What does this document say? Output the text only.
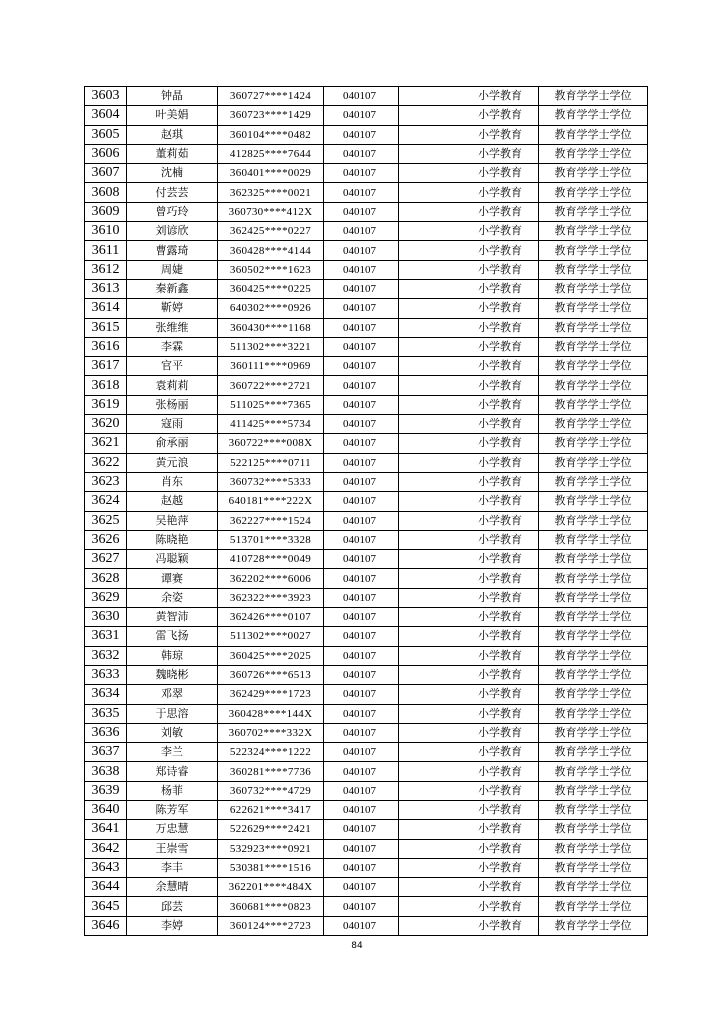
3603	钟晶	360727****1424	040107	小学教育	教育学学士学位
3604	叶美娟	360723****1429	040107	小学教育	教育学学士学位
3605	赵琪	360104****0482	040107	小学教育	教育学学士学位
3606	董莉茹	412825****7644	040107	小学教育	教育学学士学位
3607	沈楠	360401****0029	040107	小学教育	教育学学士学位
3608	付芸芸	362325****0021	040107	小学教育	教育学学士学位
3609	曾巧玲	360730****412X	040107	小学教育	教育学学士学位
3610	刘谚欣	362425****0227	040107	小学教育	教育学学士学位
3611	曹露琦	360428****4144	040107	小学教育	教育学学士学位
3612	周婕	360502****1623	040107	小学教育	教育学学士学位
3613	秦新鑫	360425****0225	040107	小学教育	教育学学士学位
3614	靳婷	640302****0926	040107	小学教育	教育学学士学位
3615	张维维	360430****1168	040107	小学教育	教育学学士学位
3616	李霖	511302****3221	040107	小学教育	教育学学士学位
3617	官平	360111****0969	040107	小学教育	教育学学士学位
3618	袁莉莉	360722****2721	040107	小学教育	教育学学士学位
3619	张杨丽	511025****7365	040107	小学教育	教育学学士学位
3620	寇雨	411425****5734	040107	小学教育	教育学学士学位
3621	俞承丽	360722****008X	040107	小学教育	教育学学士学位
3622	黄元浪	522125****0711	040107	小学教育	教育学学士学位
3623	肖东	360732****5333	040107	小学教育	教育学学士学位
3624	赵越	640181****222X	040107	小学教育	教育学学士学位
3625	吴艳萍	362227****1524	040107	小学教育	教育学学士学位
3626	陈晓艳	513701****3328	040107	小学教育	教育学学士学位
3627	冯聪颖	410728****0049	040107	小学教育	教育学学士学位
3628	谭赛	362202****6006	040107	小学教育	教育学学士学位
3629	余姿	362322****3923	040107	小学教育	教育学学士学位
3630	黄智沛	362426****0107	040107	小学教育	教育学学士学位
3631	雷飞扬	511302****0027	040107	小学教育	教育学学士学位
3632	韩琼	360425****2025	040107	小学教育	教育学学士学位
3633	魏晓彬	360726****6513	040107	小学教育	教育学学士学位
3634	邓翠	362429****1723	040107	小学教育	教育学学士学位
3635	于思溶	360428****144X	040107	小学教育	教育学学士学位
3636	刘敏	360702****332X	040107	小学教育	教育学学士学位
3637	李兰	522324****1222	040107	小学教育	教育学学士学位
3638	郑诗睿	360281****7736	040107	小学教育	教育学学士学位
3639	杨菲	360732****4729	040107	小学教育	教育学学士学位
3640	陈芳军	622621****3417	040107	小学教育	教育学学士学位
3641	万忠慧	522629****2421	040107	小学教育	教育学学士学位
3642	王崇雪	532923****0921	040107	小学教育	教育学学士学位
3643	李丰	530381****1516	040107	小学教育	教育学学士学位
3644	余慧晴	362201****484X	040107	小学教育	教育学学士学位
3645	邱芸	360681****0823	040107	小学教育	教育学学士学位
3646	李婷	360124****2723	040107	小学教育	教育学学士学位
84
